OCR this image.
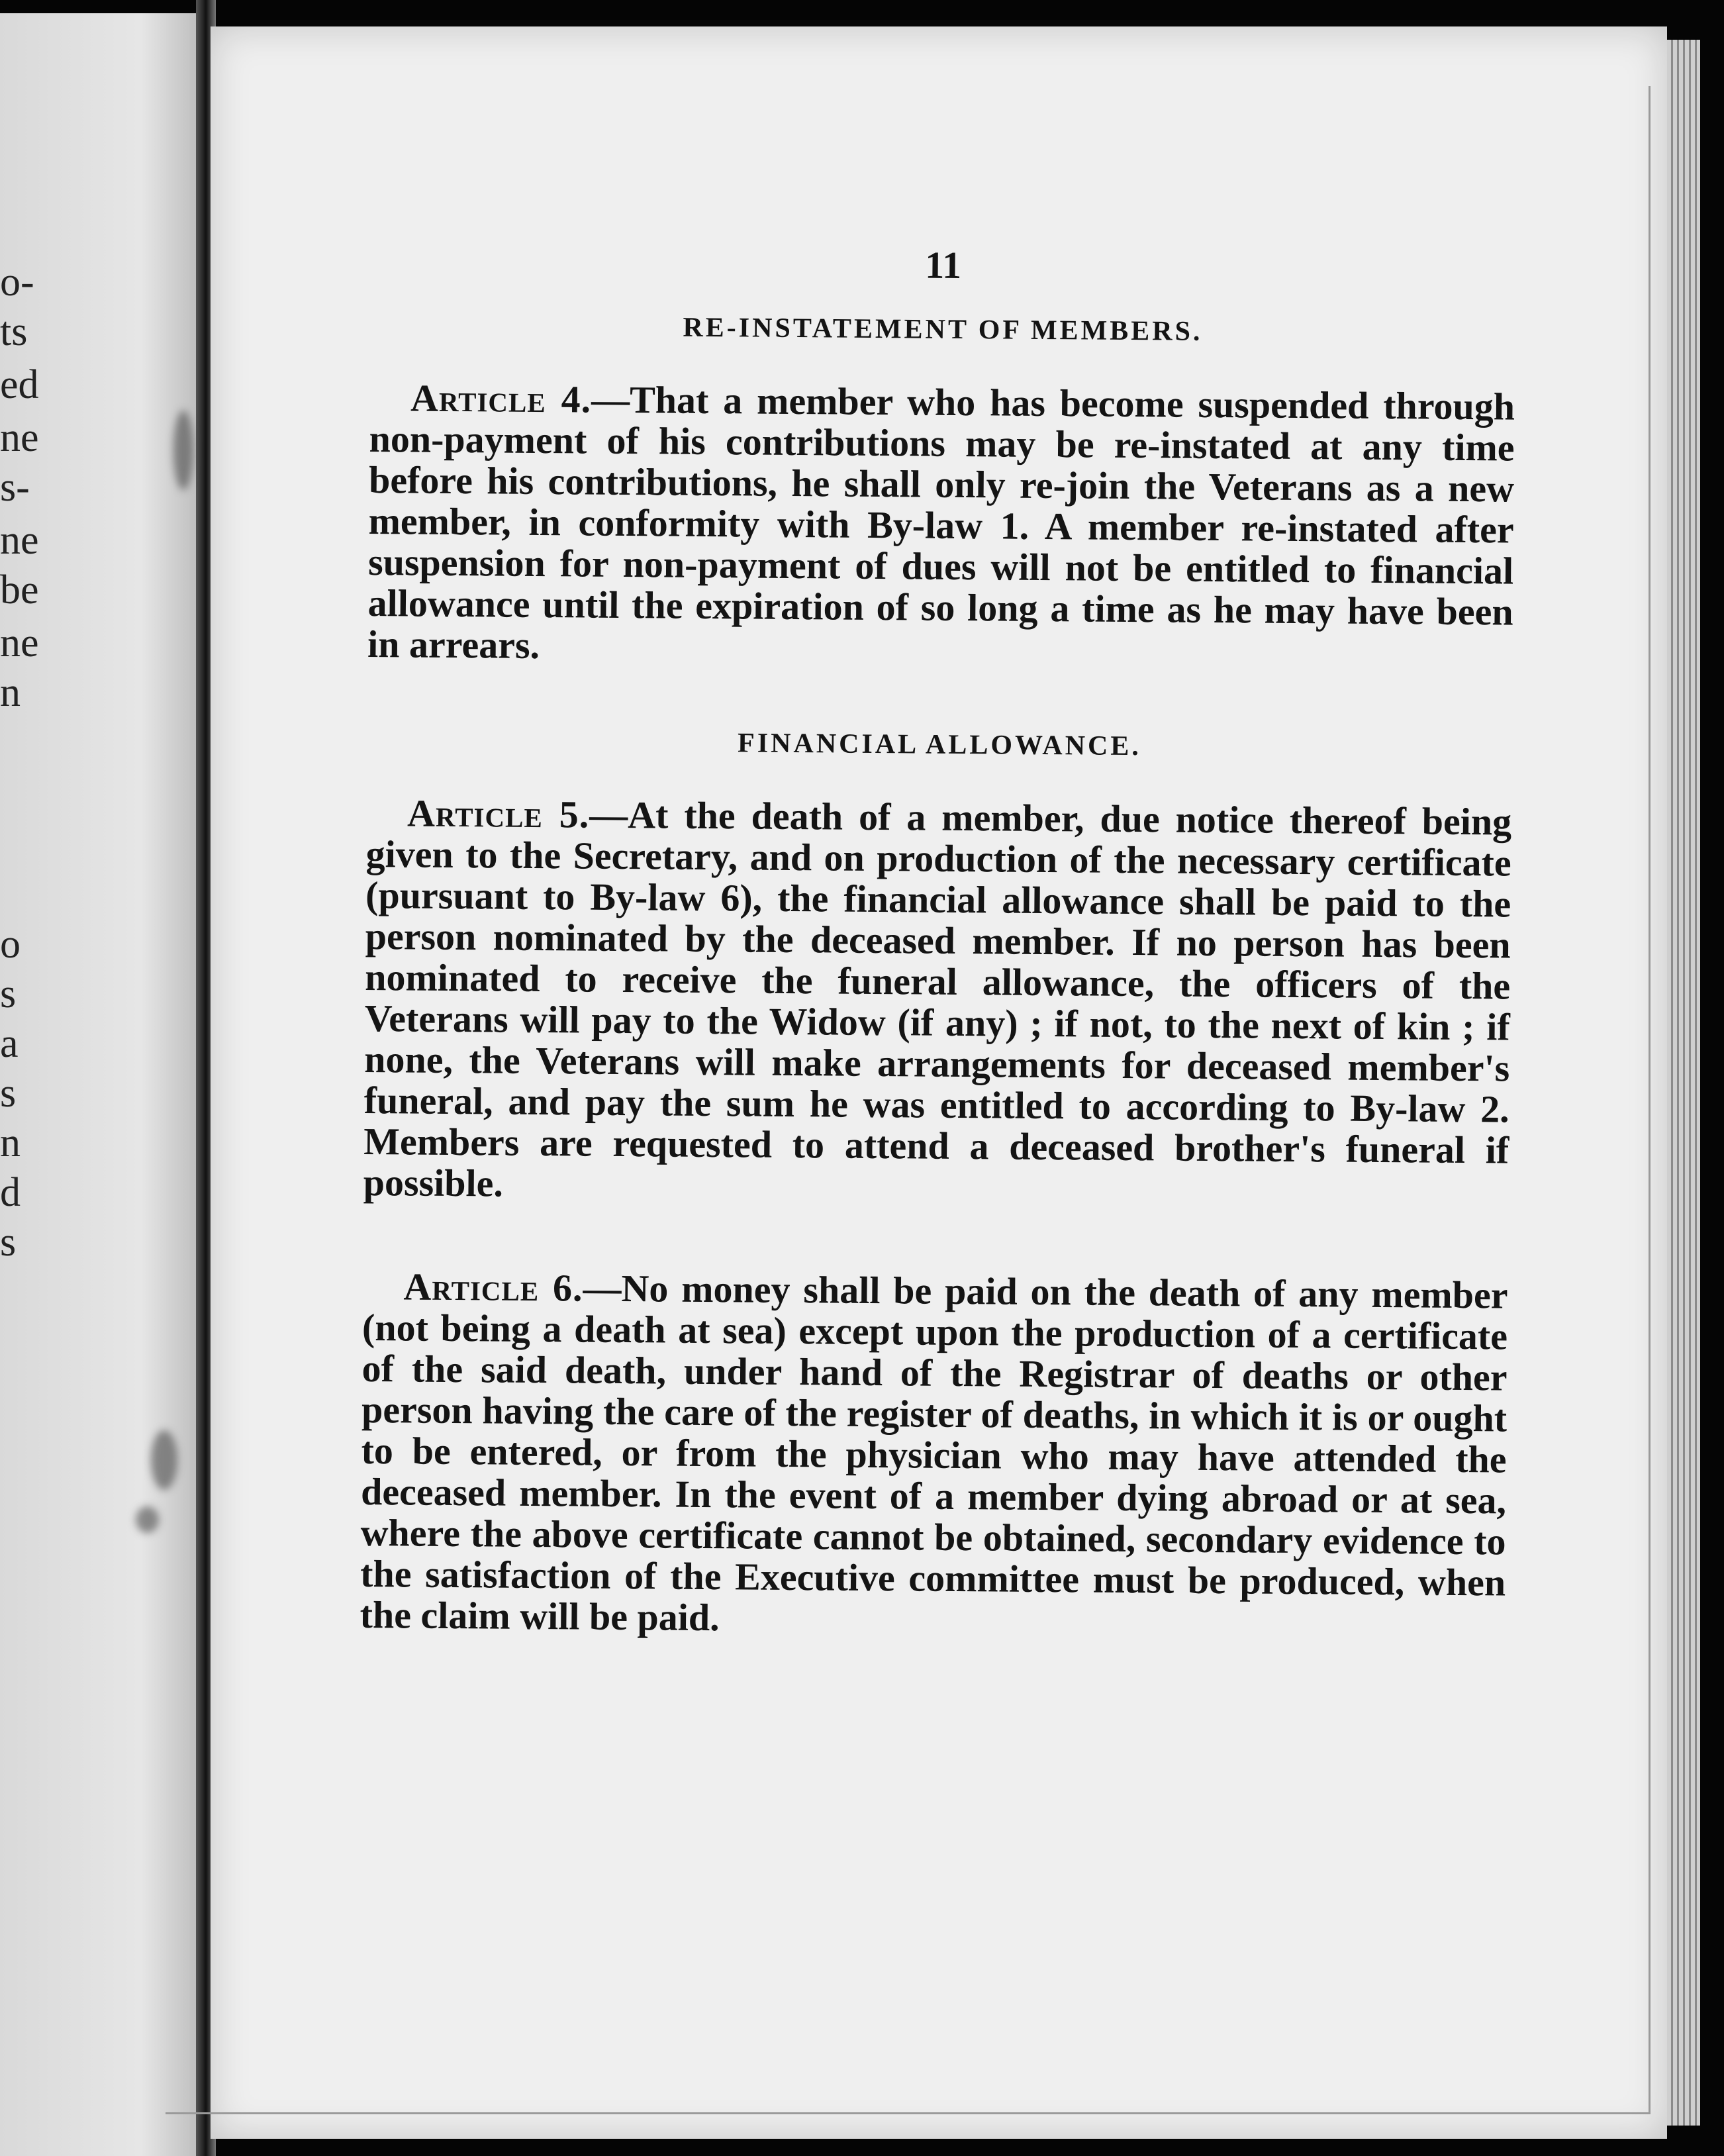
o-
ts
ed
ne
s-
ne
be
ne
n
o
s
a
s
n
d
s
11
RE-INSTATEMENT OF MEMBERS.

Article 4.—That a member who has become suspended through non-payment of his contributions may be re-instated at any time before his contributions, he shall only re-join the Veterans as a new member, in conformity with By-law 1. A member re-instated after suspension for non-payment of dues will not be entitled to financial allowance until the expiration of so long a time as he may have been in arrears.

FINANCIAL ALLOWANCE.

Article 5.—At the death of a member, due notice thereof being given to the Secretary, and on production of the necessary certificate (pursuant to By-law 6), the financial allowance shall be paid to the person nominated by the deceased member. If no person has been nominated to receive the funeral allowance, the officers of the Veterans will pay to the Widow (if any) ; if not, to the next of kin ; if none, the Veterans will make arrangements for deceased member's funeral, and pay the sum he was entitled to according to By-law 2. Members are requested to attend a deceased brother's funeral if possible.

Article 6.—No money shall be paid on the death of any member (not being a death at sea) except upon the production of a certificate of the said death, under hand of the Registrar of deaths or other person having the care of the register of deaths, in which it is or ought to be entered, or from the physician who may have attended the deceased member. In the event of a member dying abroad or at sea, where the above certificate cannot be obtained, secondary evidence to the satisfaction of the Executive committee must be produced, when the claim will be paid.
